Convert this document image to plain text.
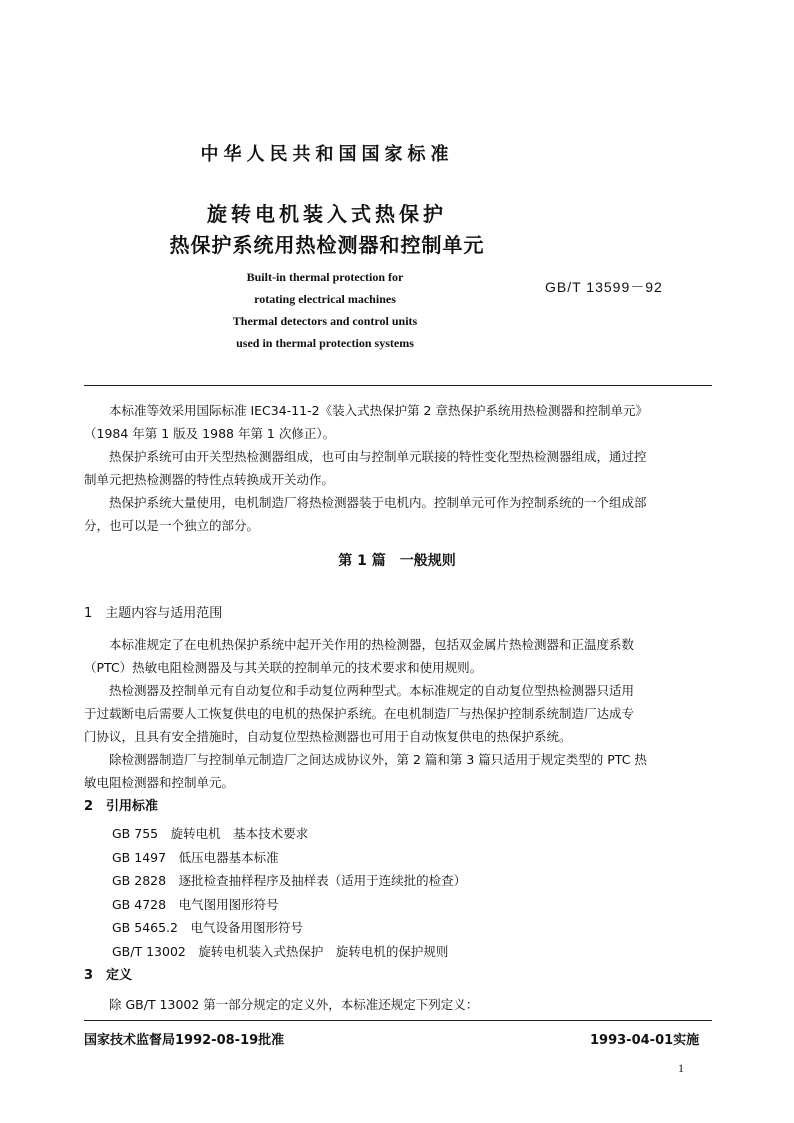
中华人民共和国国家标准
旋转电机装入式热保护
热保护系统用热检测器和控制单元
Built-in thermal protection for
rotating electrical machines
Thermal detectors and control units
used in thermal protection systems
GB/T 13599－92
本标准等效采用国际标准 IEC34-11-2《装入式热保护第 2 章热保护系统用热检测器和控制单元》
（1984 年第 1 版及 1988 年第 1 次修正）。
热保护系统可由开关型热检测器组成，也可由与控制单元联接的特性变化型热检测器组成，通过控
制单元把热检测器的特性点转换成开关动作。
热保护系统大量使用，电机制造厂将热检测器装于电机内。控制单元可作为控制系统的一个组成部
分，也可以是一个独立的部分。
第 1 篇　一般规则
1　主题内容与适用范围
本标准规定了在电机热保护系统中起开关作用的热检测器，包括双金属片热检测器和正温度系数
（PTC）热敏电阻检测器及与其关联的控制单元的技术要求和使用规则。
热检测器及控制单元有自动复位和手动复位两种型式。本标准规定的自动复位型热检测器只适用
于过载断电后需要人工恢复供电的电机的热保护系统。在电机制造厂与热保护控制系统制造厂达成专
门协议，且具有安全措施时，自动复位型热检测器也可用于自动恢复供电的热保护系统。
除检测器制造厂与控制单元制造厂之间达成协议外，第 2 篇和第 3 篇只适用于规定类型的 PTC 热
敏电阻检测器和控制单元。
2　引用标准
GB 755　 旋转电机　基本技术要求
GB 1497　 低压电器基本标准
GB 2828　 逐批检查抽样程序及抽样表（适用于连续批的检查）
GB 4728　 电气图用图形符号
GB 5465.2　 电气设备用图形符号
GB/T 13002　 旋转电机装入式热保护　旋转电机的保护规则
3　定义
除 GB/T 13002 第一部分规定的定义外，本标准还规定下列定义：
国家技术监督局1992-08-19批准	1993-04-01实施
1
